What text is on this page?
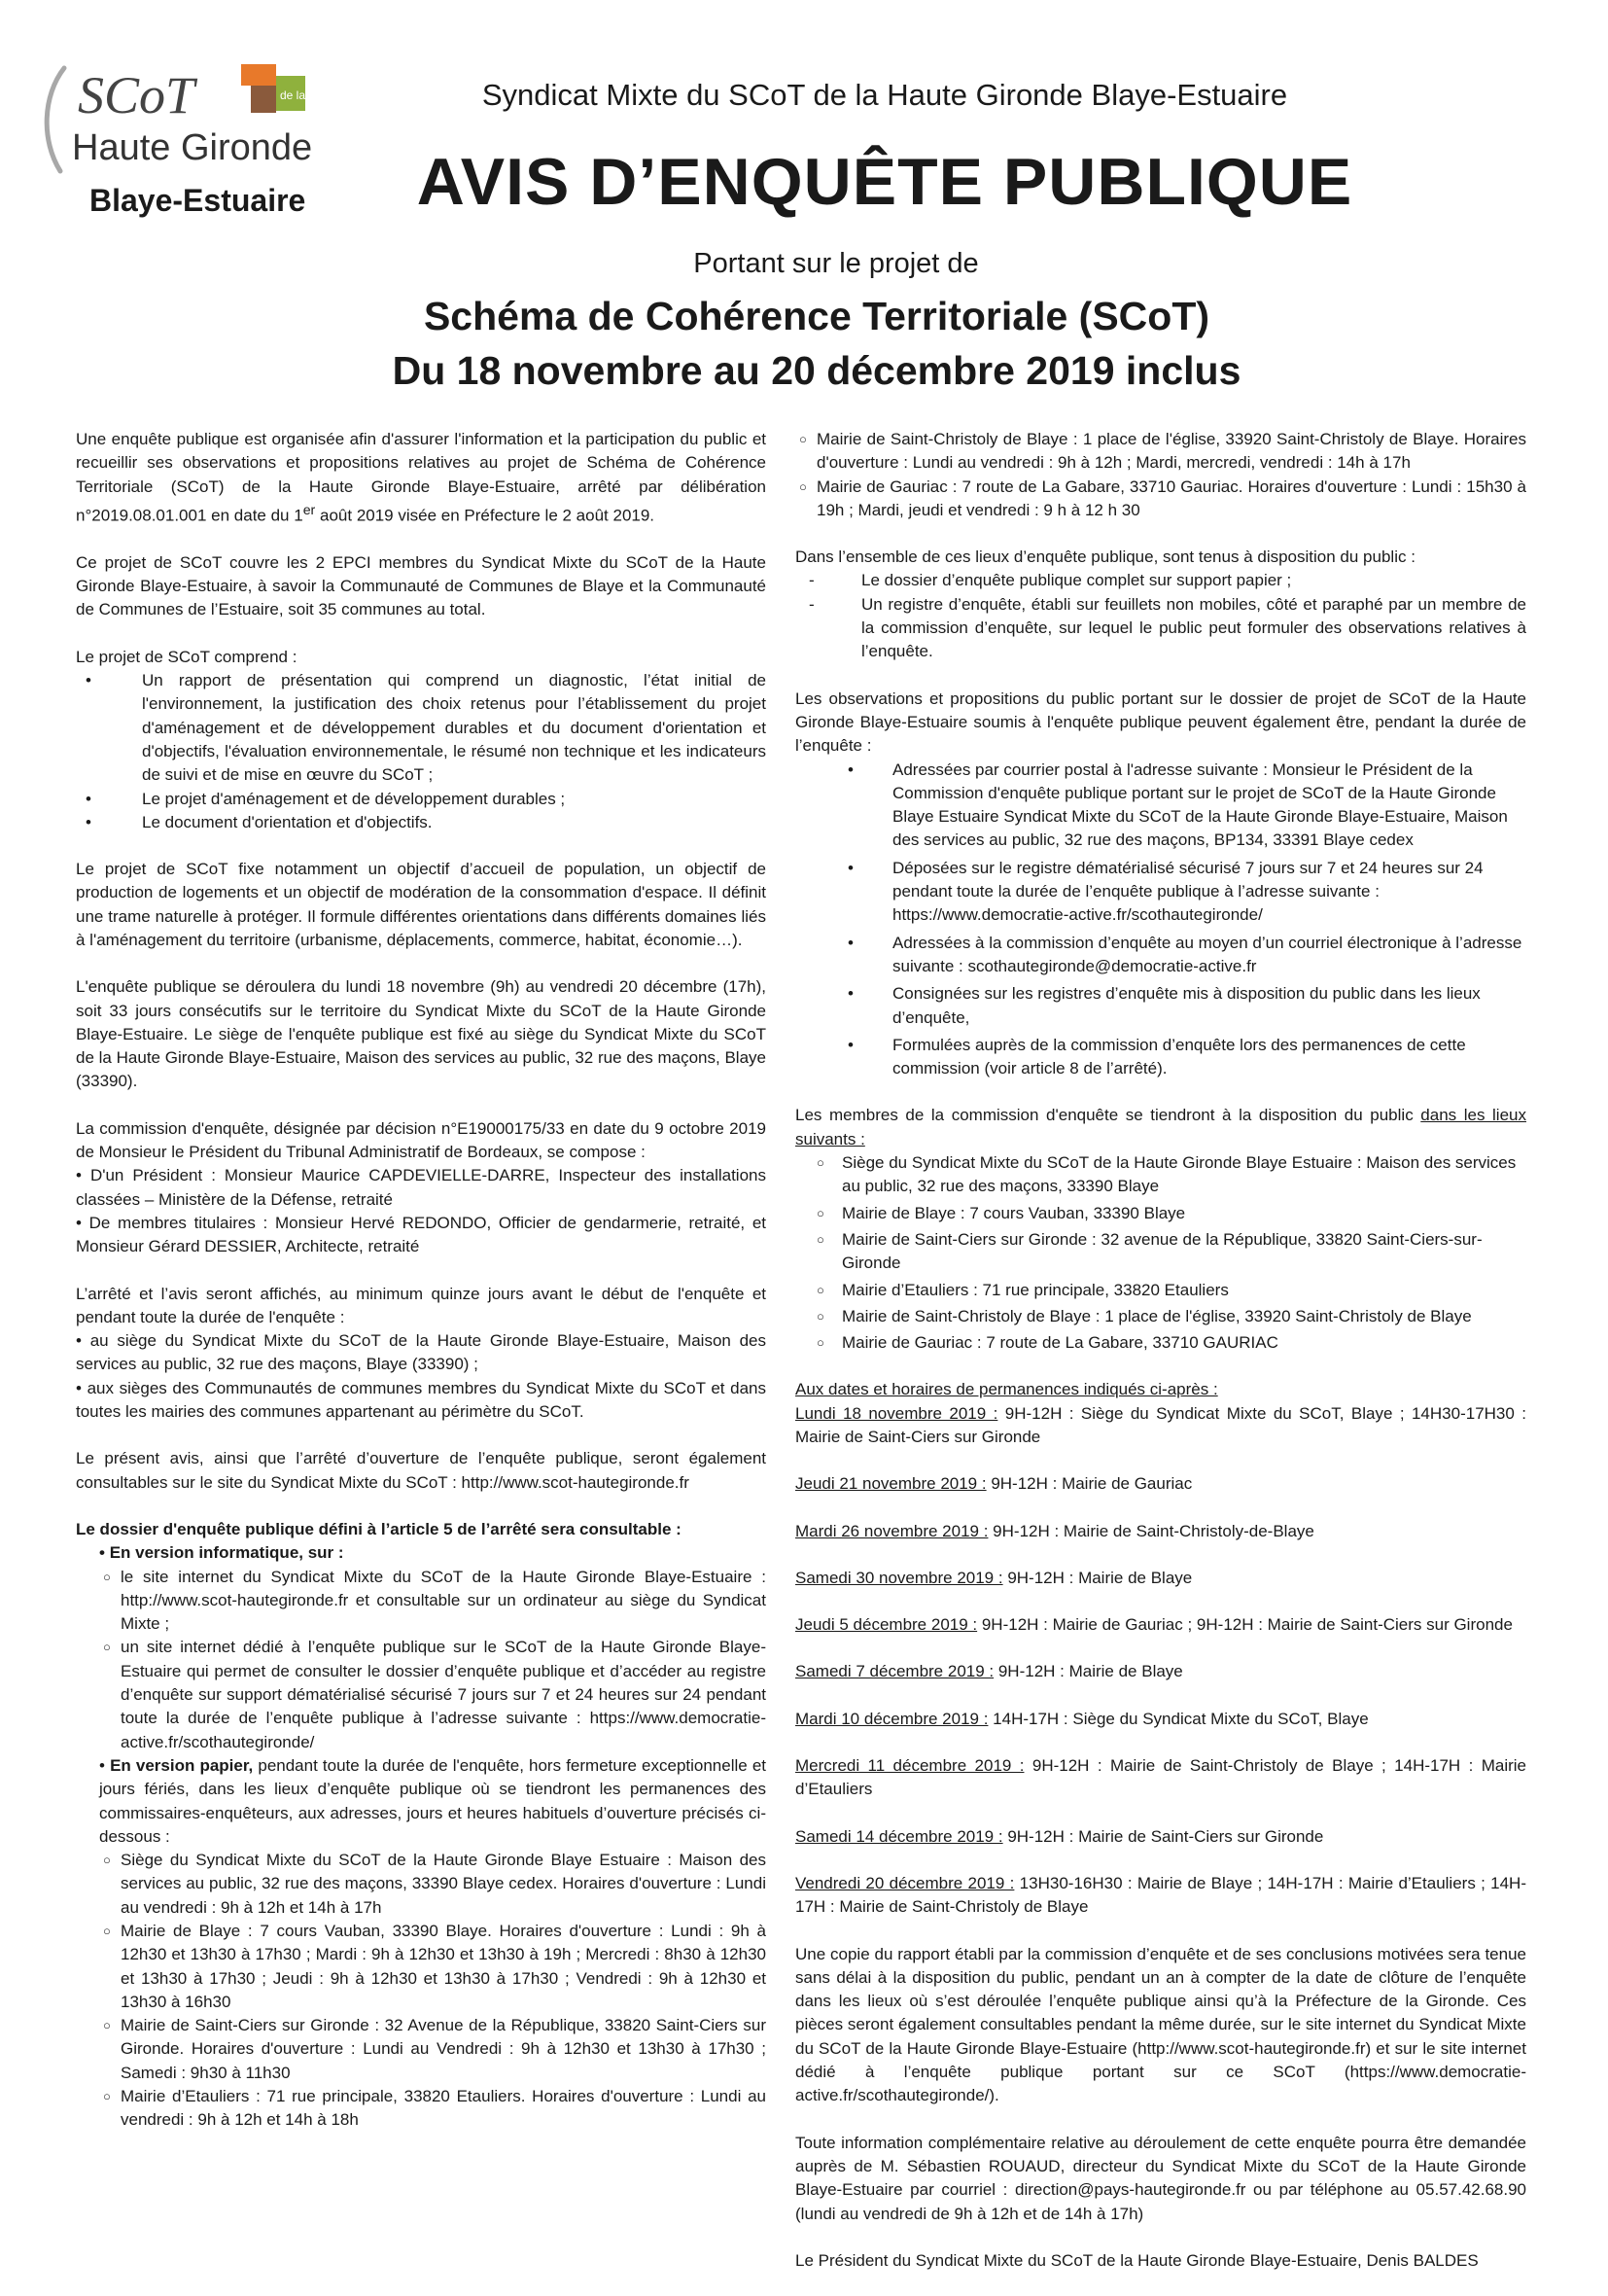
SCoT	de la
Haute Gironde
Blaye-Estuaire
Syndicat Mixte du SCoT de la Haute Gironde Blaye-Estuaire
AVIS D’ENQUÊTE PUBLIQUE
Portant sur le projet de
Schéma de Cohérence Territoriale (SCoT)
Du 18 novembre au 20 décembre 2019 inclus

Une enquête publique est organisée afin d'assurer l'information et la participation du public et recueillir ses observations et propositions relatives au projet de Schéma de Cohérence Territoriale (SCoT) de la Haute Gironde Blaye-Estuaire, arrêté par délibération n°2019.08.01.001 en date du 1er août 2019 visée en Préfecture le 2 août 2019.

Ce projet de SCoT couvre les 2 EPCI membres du Syndicat Mixte du SCoT de la Haute Gironde Blaye-Estuaire, à savoir la Communauté de Communes de Blaye et la Communauté de Communes de l’Estuaire, soit 35 communes au total.

Le projet de SCoT comprend :

• Un rapport de présentation qui comprend un diagnostic, l’état initial de l'environnement, la justification des choix retenus pour l’établissement du projet d'aménagement et de développement durables et du document d'orientation et d'objectifs, l'évaluation environnementale, le résumé non technique et les indicateurs de suivi et de mise en œuvre du SCoT ;
• Le projet d'aménagement et de développement durables ;
• Le document d'orientation et d'objectifs.

Le projet de SCoT fixe notamment un objectif d’accueil de population, un objectif de production de logements et un objectif de modération de la consommation d'espace. Il définit une trame naturelle à protéger. Il formule différentes orientations dans différents domaines liés à l'aménagement du territoire (urbanisme, déplacements, commerce, habitat, économie…).

L'enquête publique se déroulera du lundi 18 novembre (9h) au vendredi 20 décembre (17h), soit 33 jours consécutifs sur le territoire du Syndicat Mixte du SCoT de la Haute Gironde Blaye-Estuaire. Le siège de l'enquête publique est fixé au siège du Syndicat Mixte du SCoT de la Haute Gironde Blaye-Estuaire, Maison des services au public, 32 rue des maçons, Blaye (33390).

La commission d'enquête, désignée par décision n°E19000175/33 en date du 9 octobre 2019 de Monsieur le Président du Tribunal Administratif de Bordeaux, se compose :

• D'un Président : Monsieur Maurice CAPDEVIELLE-DARRE, Inspecteur des installations classées – Ministère de la Défense, retraité
• De membres titulaires : Monsieur Hervé REDONDO, Officier de gendarmerie, retraité, et Monsieur Gérard DESSIER, Architecte, retraité

L’arrêté et l’avis seront affichés, au minimum quinze jours avant le début de l'enquête et pendant toute la durée de l'enquête :

• au siège du Syndicat Mixte du SCoT de la Haute Gironde Blaye-Estuaire, Maison des services au public, 32 rue des maçons, Blaye (33390) ;
• aux sièges des Communautés de communes membres du Syndicat Mixte du SCoT et dans toutes les mairies des communes appartenant au périmètre du SCoT.

Le présent avis, ainsi que l’arrêté d’ouverture de l’enquête publique, seront également consultables sur le site du Syndicat Mixte du SCoT : http://www.scot-hautegironde.fr

Le dossier d'enquête publique défini à l’article 5 de l’arrêté sera consultable :

• En version informatique, sur :
○ le site internet du Syndicat Mixte du SCoT de la Haute Gironde Blaye-Estuaire : http://www.scot-hautegironde.fr et consultable sur un ordinateur au siège du Syndicat Mixte ;
○ un site internet dédié à l’enquête publique sur le SCoT de la Haute Gironde Blaye-Estuaire qui permet de consulter le dossier d’enquête publique et d’accéder au registre d’enquête sur support dématérialisé sécurisé 7 jours sur 7 et 24 heures sur 24 pendant toute la durée de l’enquête publique à l’adresse suivante : https://www.democratie-active.fr/scothautegironde/

• En version papier, pendant toute la durée de l'enquête, hors fermeture exceptionnelle et jours fériés, dans les lieux d’enquête publique où se tiendront les permanences des commissaires-enquêteurs, aux adresses, jours et heures habituels d’ouverture précisés ci-dessous :

○ Siège du Syndicat Mixte du SCoT de la Haute Gironde Blaye Estuaire : Maison des services au public, 32 rue des maçons, 33390 Blaye cedex. Horaires d'ouverture : Lundi au vendredi : 9h à 12h et 14h à 17h
○ Mairie de Blaye : 7 cours Vauban, 33390 Blaye. Horaires d'ouverture : Lundi : 9h à 12h30 et 13h30 à 17h30 ; Mardi : 9h à 12h30 et 13h30 à 19h ; Mercredi : 8h30 à 12h30 et 13h30 à 17h30 ; Jeudi : 9h à 12h30 et 13h30 à 17h30 ; Vendredi : 9h à 12h30 et 13h30 à 16h30
○ Mairie de Saint-Ciers sur Gironde : 32 Avenue de la République, 33820 Saint-Ciers sur Gironde. Horaires d'ouverture : Lundi au Vendredi : 9h à 12h30 et 13h30 à 17h30 ; Samedi : 9h30 à 11h30
○ Mairie d’Etauliers : 71 rue principale, 33820 Etauliers. Horaires d'ouverture : Lundi au vendredi : 9h à 12h et 14h à 18h
○ Mairie de Saint-Christoly de Blaye : 1 place de l'église, 33920 Saint-Christoly de Blaye. Horaires d'ouverture : Lundi au vendredi : 9h à 12h ; Mardi, mercredi, vendredi : 14h à 17h
○ Mairie de Gauriac : 7 route de La Gabare, 33710 Gauriac. Horaires d'ouverture : Lundi : 15h30 à 19h ; Mardi, jeudi et vendredi : 9 h à 12 h 30

Dans l’ensemble de ces lieux d’enquête publique, sont tenus à disposition du public :

- Le dossier d’enquête publique complet sur support papier ;
- Un registre d’enquête, établi sur feuillets non mobiles, côté et paraphé par un membre de la commission d’enquête, sur lequel le public peut formuler des observations relatives à l’enquête.

Les observations et propositions du public portant sur le dossier de projet de SCoT de la Haute Gironde Blaye-Estuaire soumis à l'enquête publique peuvent également être, pendant la durée de l’enquête :

• Adressées par courrier postal à l'adresse suivante : Monsieur le Président de la Commission d'enquête publique portant sur le projet de SCoT de la Haute Gironde Blaye Estuaire Syndicat Mixte du SCoT de la Haute Gironde Blaye-Estuaire, Maison des services au public, 32 rue des maçons, BP134, 33391 Blaye cedex
• Déposées sur le registre dématérialisé sécurisé 7 jours sur 7 et 24 heures sur 24 pendant toute la durée de l’enquête publique à l’adresse suivante : https://www.democratie-active.fr/scothautegironde/
• Adressées à la commission d’enquête au moyen d’un courriel électronique à l’adresse suivante : scothautegironde@democratie-active.fr
• Consignées sur les registres d’enquête mis à disposition du public dans les lieux d’enquête,
• Formulées auprès de la commission d’enquête lors des permanences de cette commission (voir article 8 de l’arrêté).

Les membres de la commission d'enquête se tiendront à la disposition du public dans les lieux suivants :

○ Siège du Syndicat Mixte du SCoT de la Haute Gironde Blaye Estuaire : Maison des services au public, 32 rue des maçons, 33390 Blaye
○ Mairie de Blaye : 7 cours Vauban, 33390 Blaye
○ Mairie de Saint-Ciers sur Gironde : 32 avenue de la République, 33820 Saint-Ciers-sur-Gironde
○ Mairie d’Etauliers : 71 rue principale, 33820 Etauliers
○ Mairie de Saint-Christoly de Blaye : 1 place de l'église, 33920 Saint-Christoly de Blaye
○ Mairie de Gauriac : 7 route de La Gabare, 33710 GAURIAC

Aux dates et horaires de permanences indiqués ci-après :

Lundi 18 novembre 2019 : 9H-12H : Siège du Syndicat Mixte du SCoT, Blaye ; 14H30-17H30 : Mairie de Saint-Ciers sur Gironde

Jeudi 21 novembre 2019 : 9H-12H : Mairie de Gauriac

Mardi 26 novembre 2019 : 9H-12H : Mairie de Saint-Christoly-de-Blaye

Samedi 30 novembre 2019 : 9H-12H : Mairie de Blaye

Jeudi 5 décembre 2019 : 9H-12H : Mairie de Gauriac ; 9H-12H : Mairie de Saint-Ciers sur Gironde

Samedi 7 décembre 2019 : 9H-12H : Mairie de Blaye

Mardi 10 décembre 2019 : 14H-17H : Siège du Syndicat Mixte du SCoT, Blaye

Mercredi 11 décembre 2019 : 9H-12H : Mairie de Saint-Christoly de Blaye ; 14H-17H : Mairie d’Etauliers

Samedi 14 décembre 2019 : 9H-12H : Mairie de Saint-Ciers sur Gironde

Vendredi 20 décembre 2019 : 13H30-16H30 : Mairie de Blaye ; 14H-17H : Mairie d’Etauliers ; 14H-17H : Mairie de Saint-Christoly de Blaye

Une copie du rapport établi par la commission d’enquête et de ses conclusions motivées sera tenue sans délai à la disposition du public, pendant un an à compter de la date de clôture de l’enquête dans les lieux où s’est déroulée l’enquête publique ainsi qu’à la Préfecture de la Gironde. Ces pièces seront également consultables pendant la même durée, sur le site internet du Syndicat Mixte du SCoT de la Haute Gironde Blaye-Estuaire (http://www.scot-hautegironde.fr) et sur le site internet dédié à l’enquête publique portant sur ce SCoT (https://www.democratie-active.fr/scothautegironde/).

Toute information complémentaire relative au déroulement de cette enquête pourra être demandée auprès de M. Sébastien ROUAUD, directeur du Syndicat Mixte du SCoT de la Haute Gironde Blaye-Estuaire par courriel : direction@pays-hautegironde.fr ou par téléphone au 05.57.42.68.90 (lundi au vendredi de 9h à 12h et de 14h à 17h)

Le Président du Syndicat Mixte du SCoT de la Haute Gironde Blaye-Estuaire, Denis BALDES
